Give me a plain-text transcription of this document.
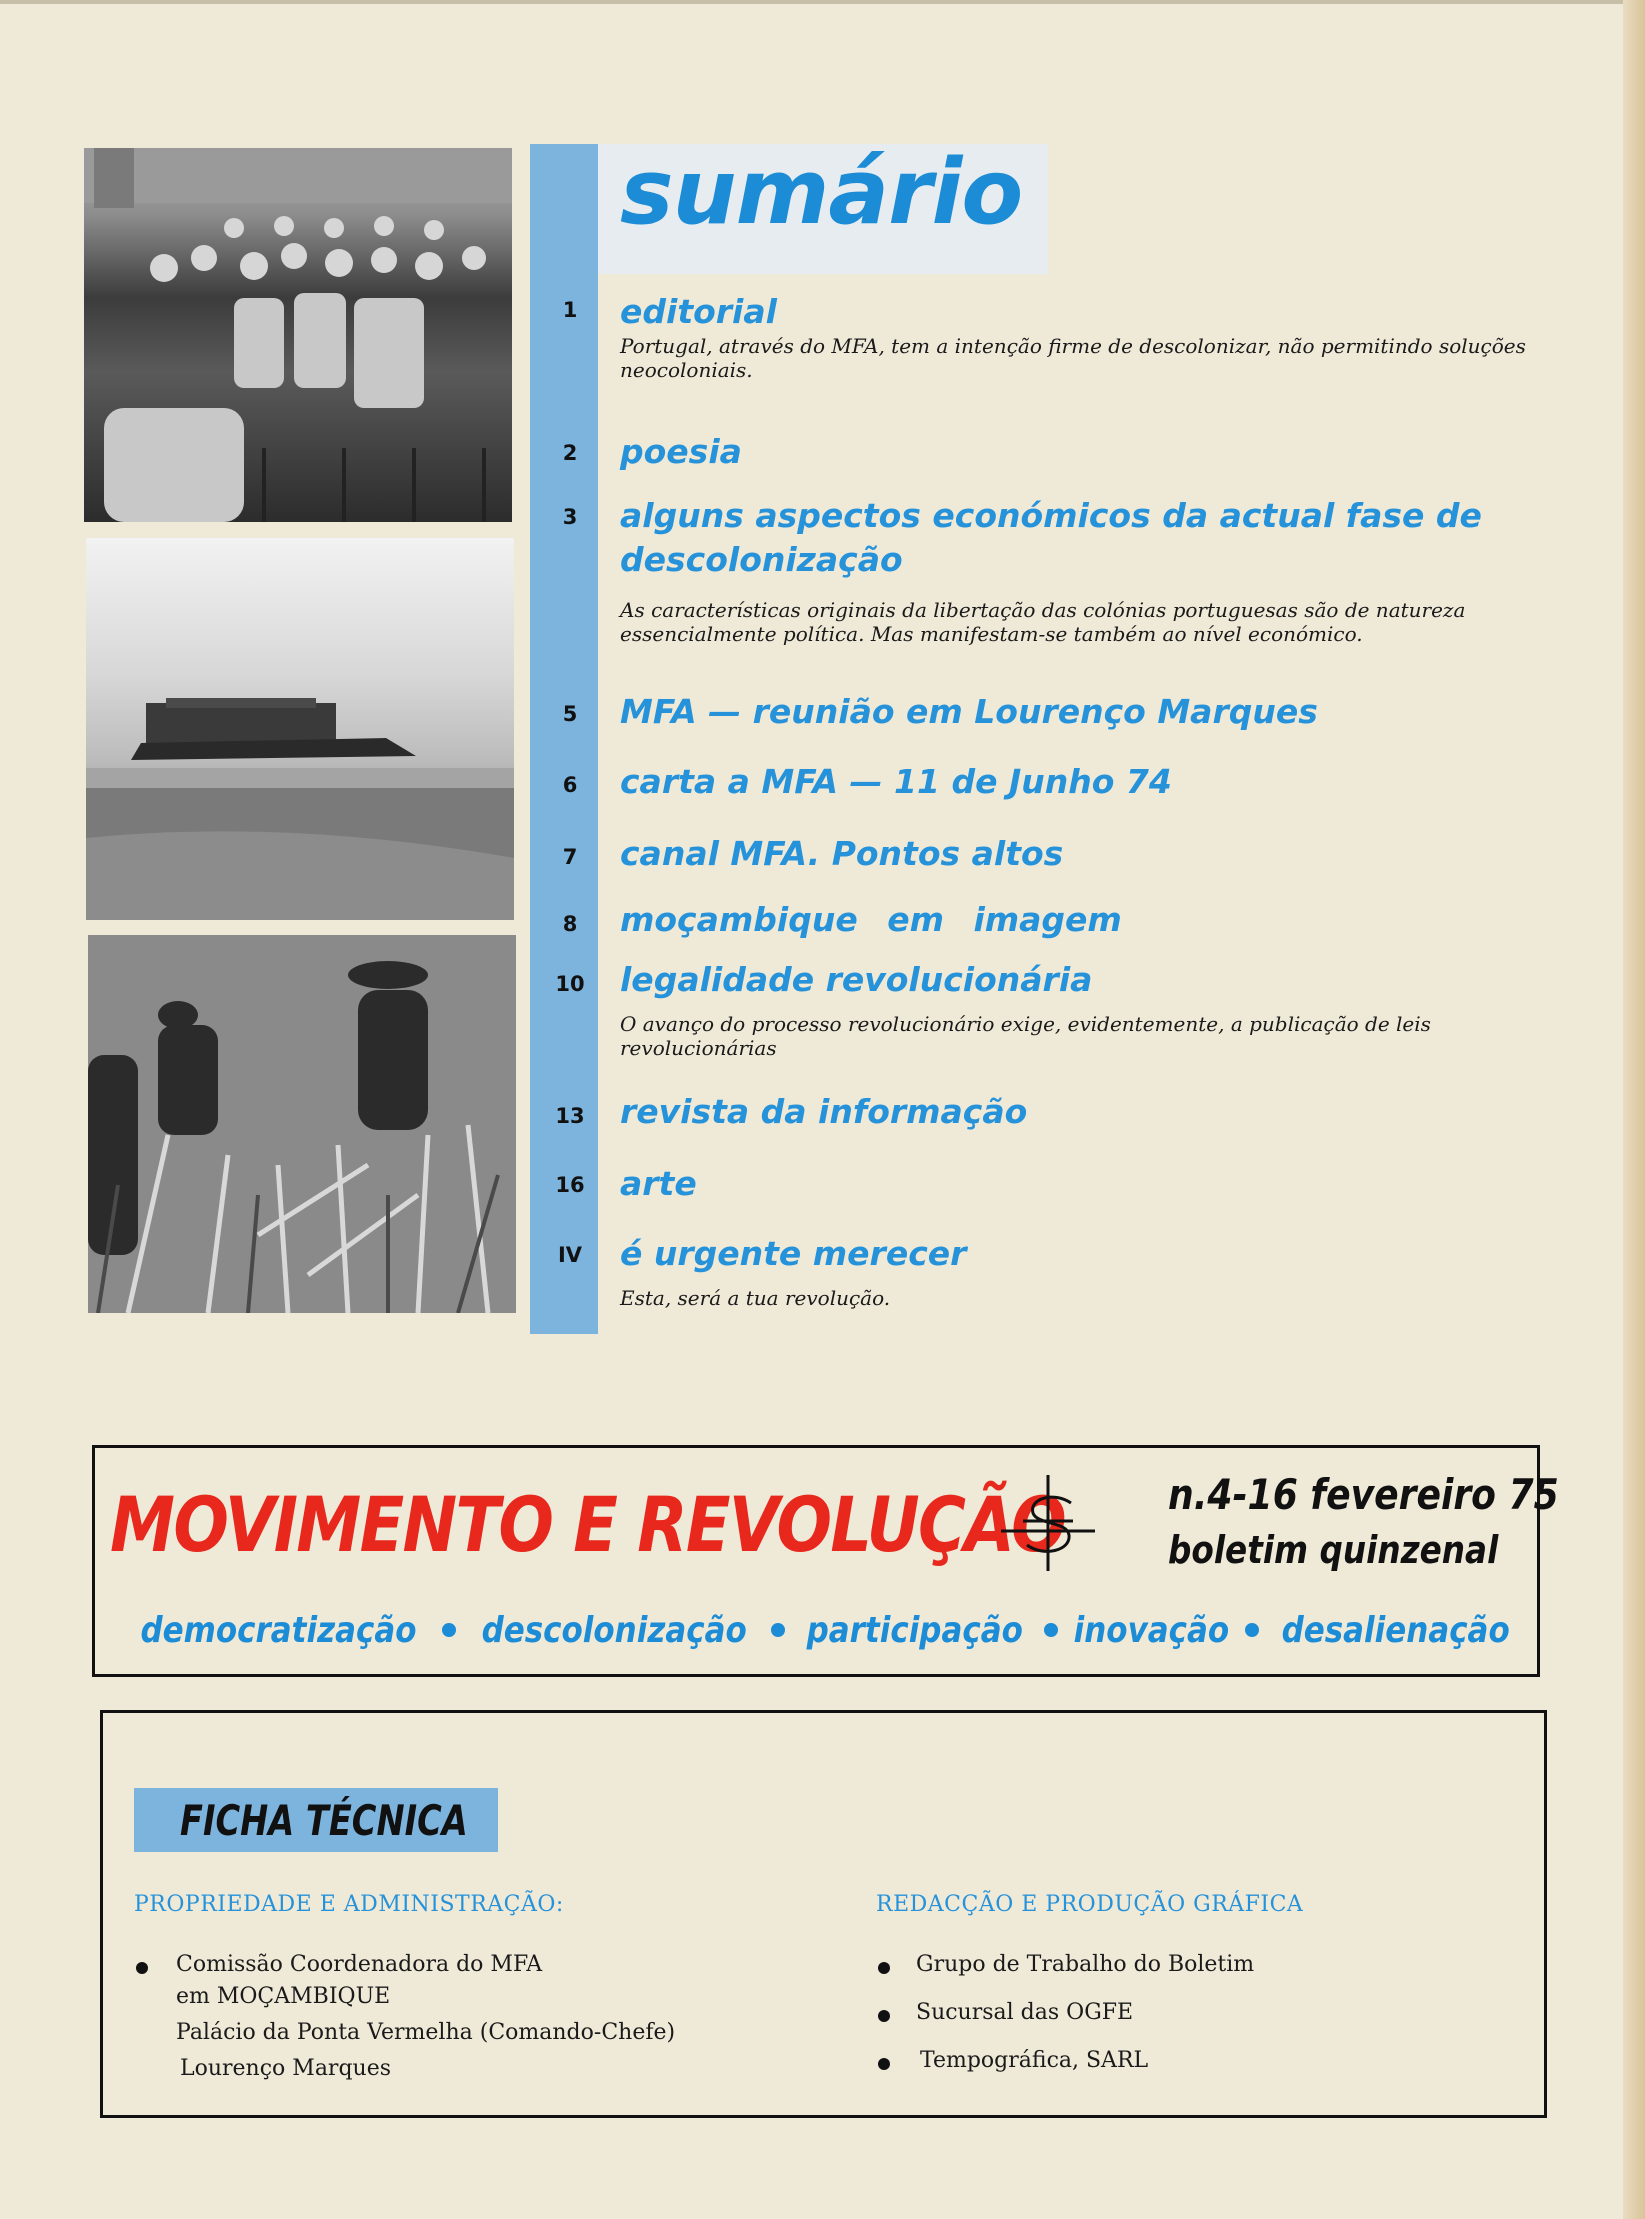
sumário
1	editorial
Portugal, através do MFA, tem a intenção firme de descolonizar, não permitindo soluções neocoloniais.
2	poesia
3	alguns aspectos económicos da actual fase de descolonização
As características originais da libertação das colónias portuguesas são de natureza essencialmente política. Mas manifestam-se também ao nível económico.
5	MFA — reunião em Lourenço Marques
6	carta a MFA — 11 de Junho 74
7	canal MFA. Pontos altos
8	moçambique em imagem
10 legalidade revolucionária
O avanço do processo revolucionário exige, evidentemente, a publicação de leis revolucionárias
13 revista da informação
16 arte
IV	é urgente merecer
Esta, será a tua revolução.
MOVIMENTO E REVOLUÇÃO n.4-16 fevereiro 75
boletim quinzenal
democratização descolonização participação inovação desalienação
FICHA TÉCNICA
PROPRIEDADE E ADMINISTRAÇÃO:
Comissão Coordenadora do MFA
em MOÇAMBIQUE
Palácio da Ponta Vermelha (Comando-Chefe)
Lourenço Marques
REDACÇÃO E PRODUÇÃO GRÁFICA
Grupo de Trabalho do Boletim
Sucursal das OGFE
Tempográfica, SARL
